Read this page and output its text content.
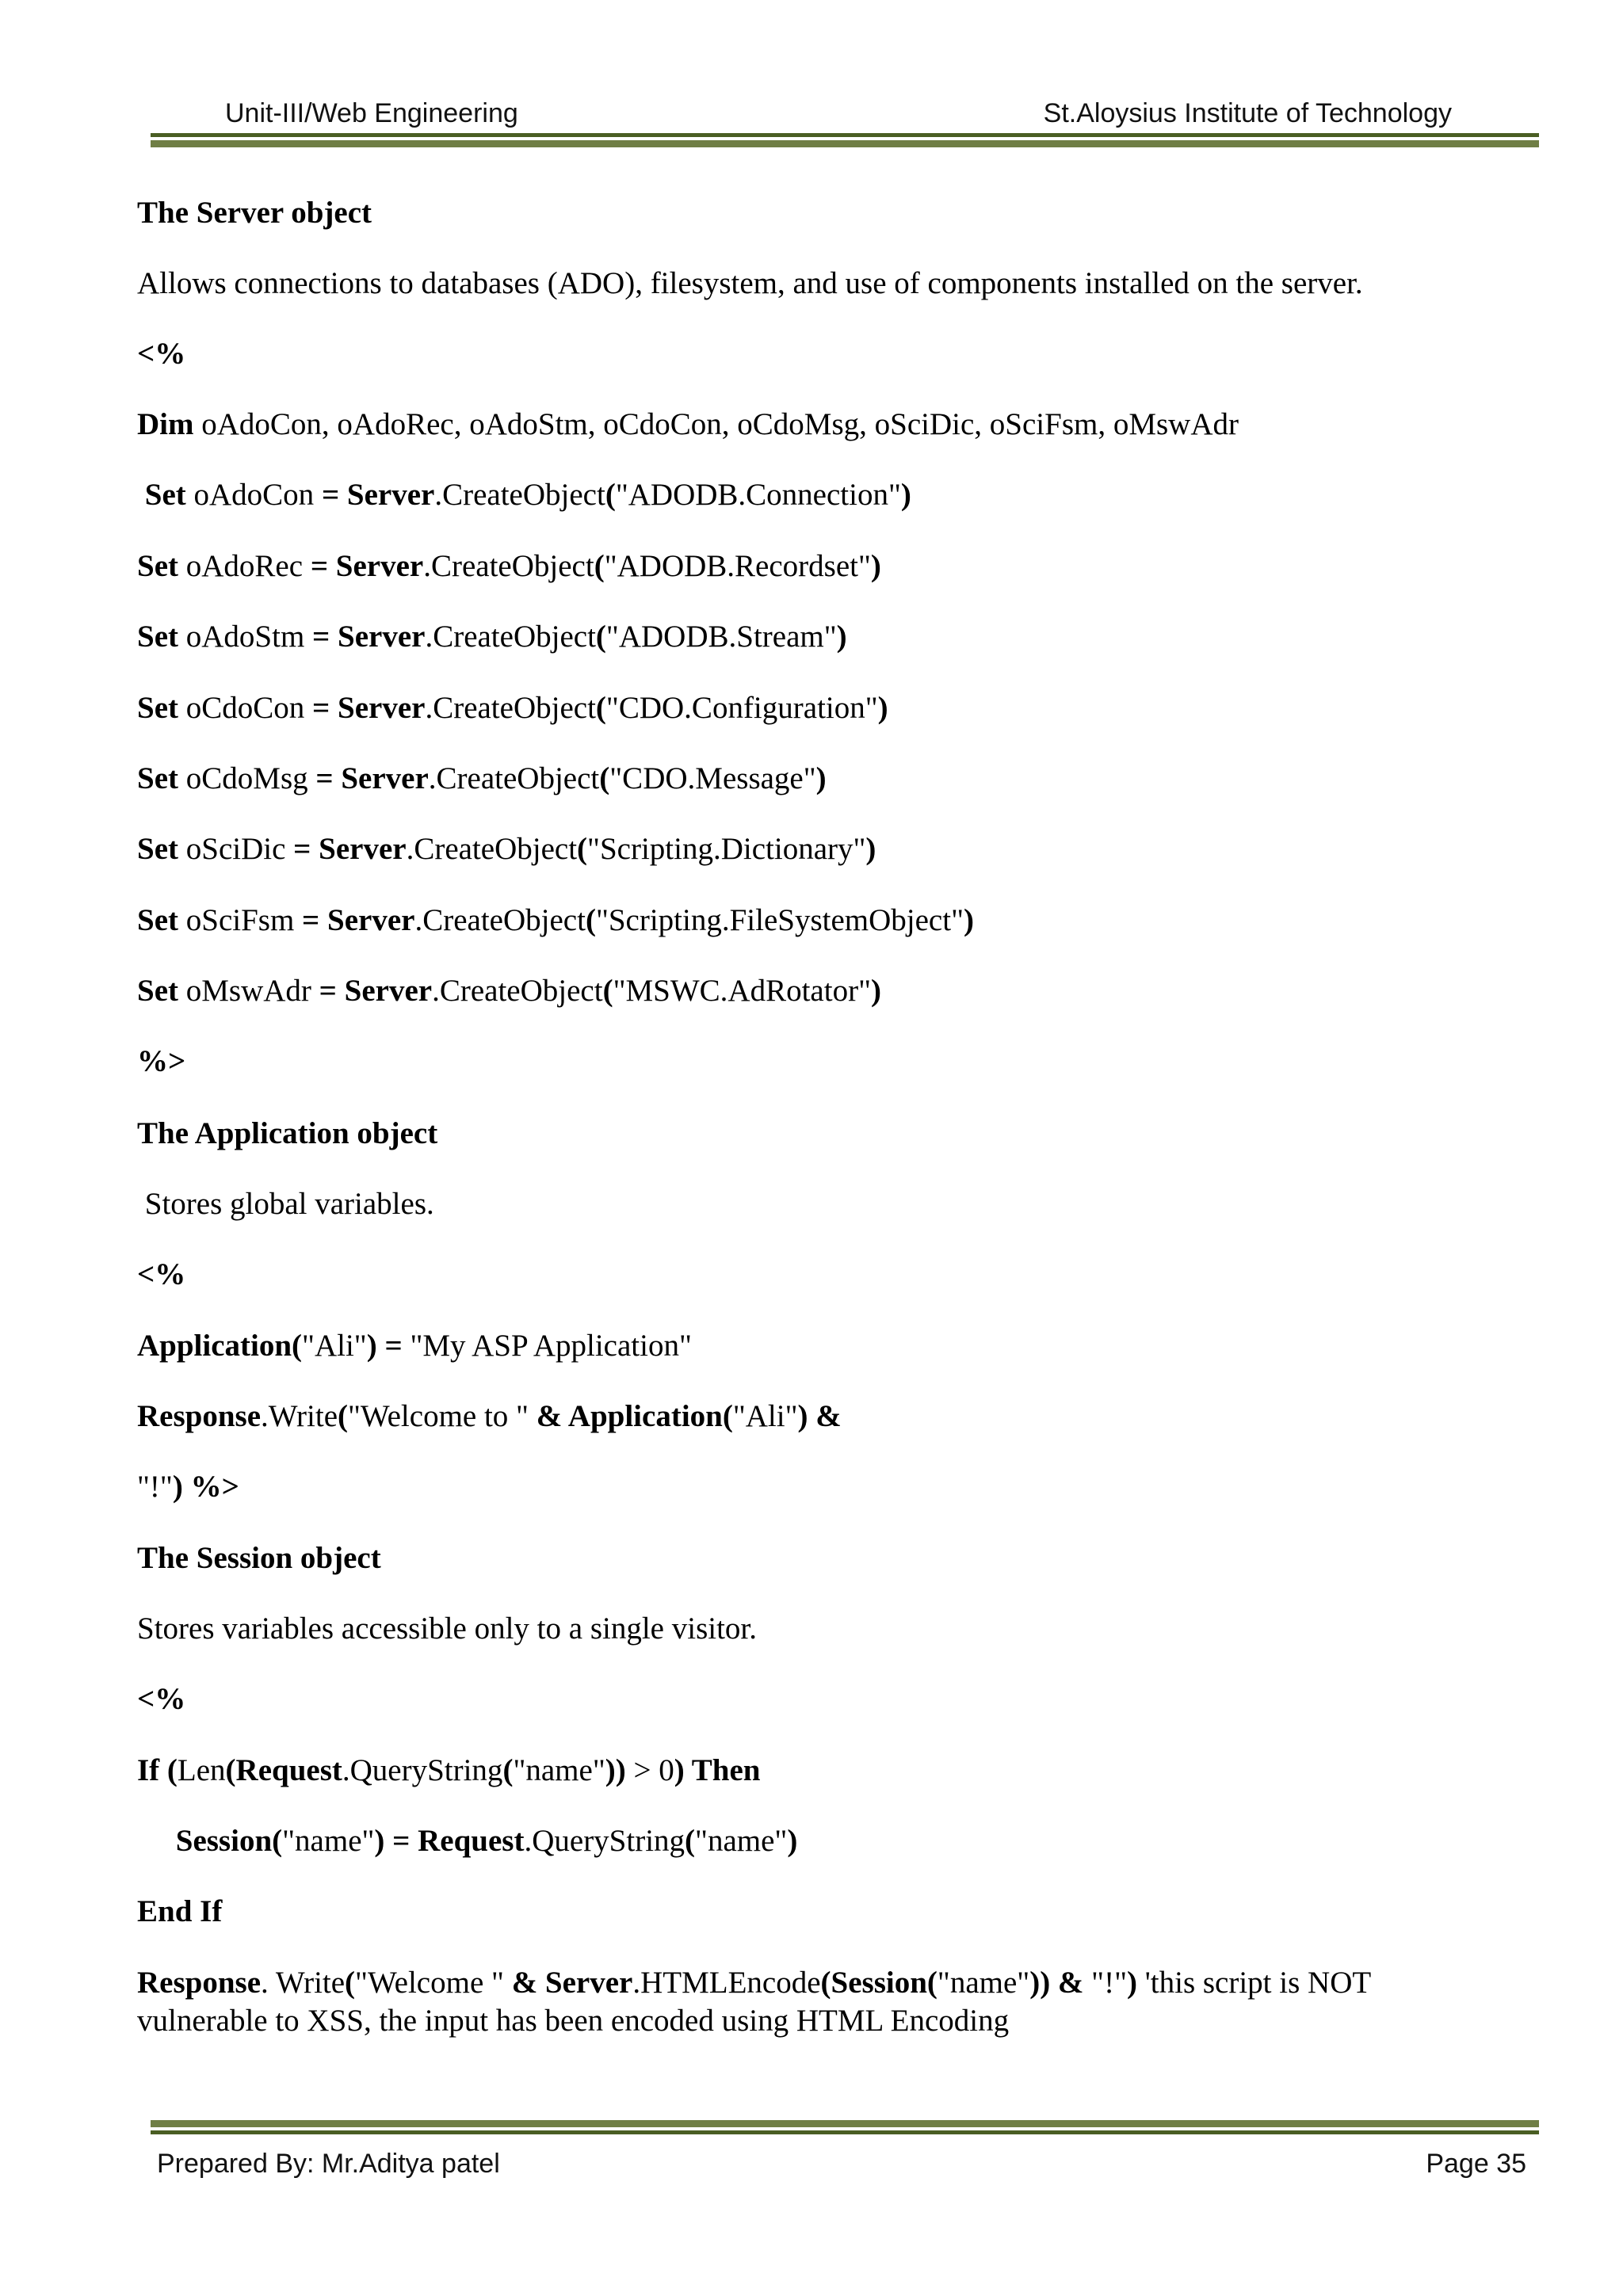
Unit-III/Web Engineering	St.Aloysius Institute of Technology
The Server object
Allows connections to databases (ADO), filesystem, and use of components installed on the server.
<%
Dim oAdoCon, oAdoRec, oAdoStm, oCdoCon, oCdoMsg, oSciDic, oSciFsm, oMswAdr
Set oAdoCon = Server.CreateObject("ADODB.Connection")
Set oAdoRec = Server.CreateObject("ADODB.Recordset")
Set oAdoStm = Server.CreateObject("ADODB.Stream")
Set oCdoCon = Server.CreateObject("CDO.Configuration")
Set oCdoMsg = Server.CreateObject("CDO.Message")
Set oSciDic = Server.CreateObject("Scripting.Dictionary")
Set oSciFsm = Server.CreateObject("Scripting.FileSystemObject")
Set oMswAdr = Server.CreateObject("MSWC.AdRotator")
%>
The Application object
Stores global variables.
<%
Application("Ali") = "My ASP Application"
Response.Write("Welcome to " & Application("Ali") &
"!") %>
The Session object
Stores variables accessible only to a single visitor.
<%
If (Len(Request.QueryString("name")) > 0) Then
Session("name") = Request.QueryString("name")
End If
Response. Write("Welcome " & Server.HTMLEncode(Session("name")) & "!") 'this script is NOT vulnerable to XSS, the input has been encoded using HTML Encoding
Prepared By: Mr.Aditya patel	Page 35
